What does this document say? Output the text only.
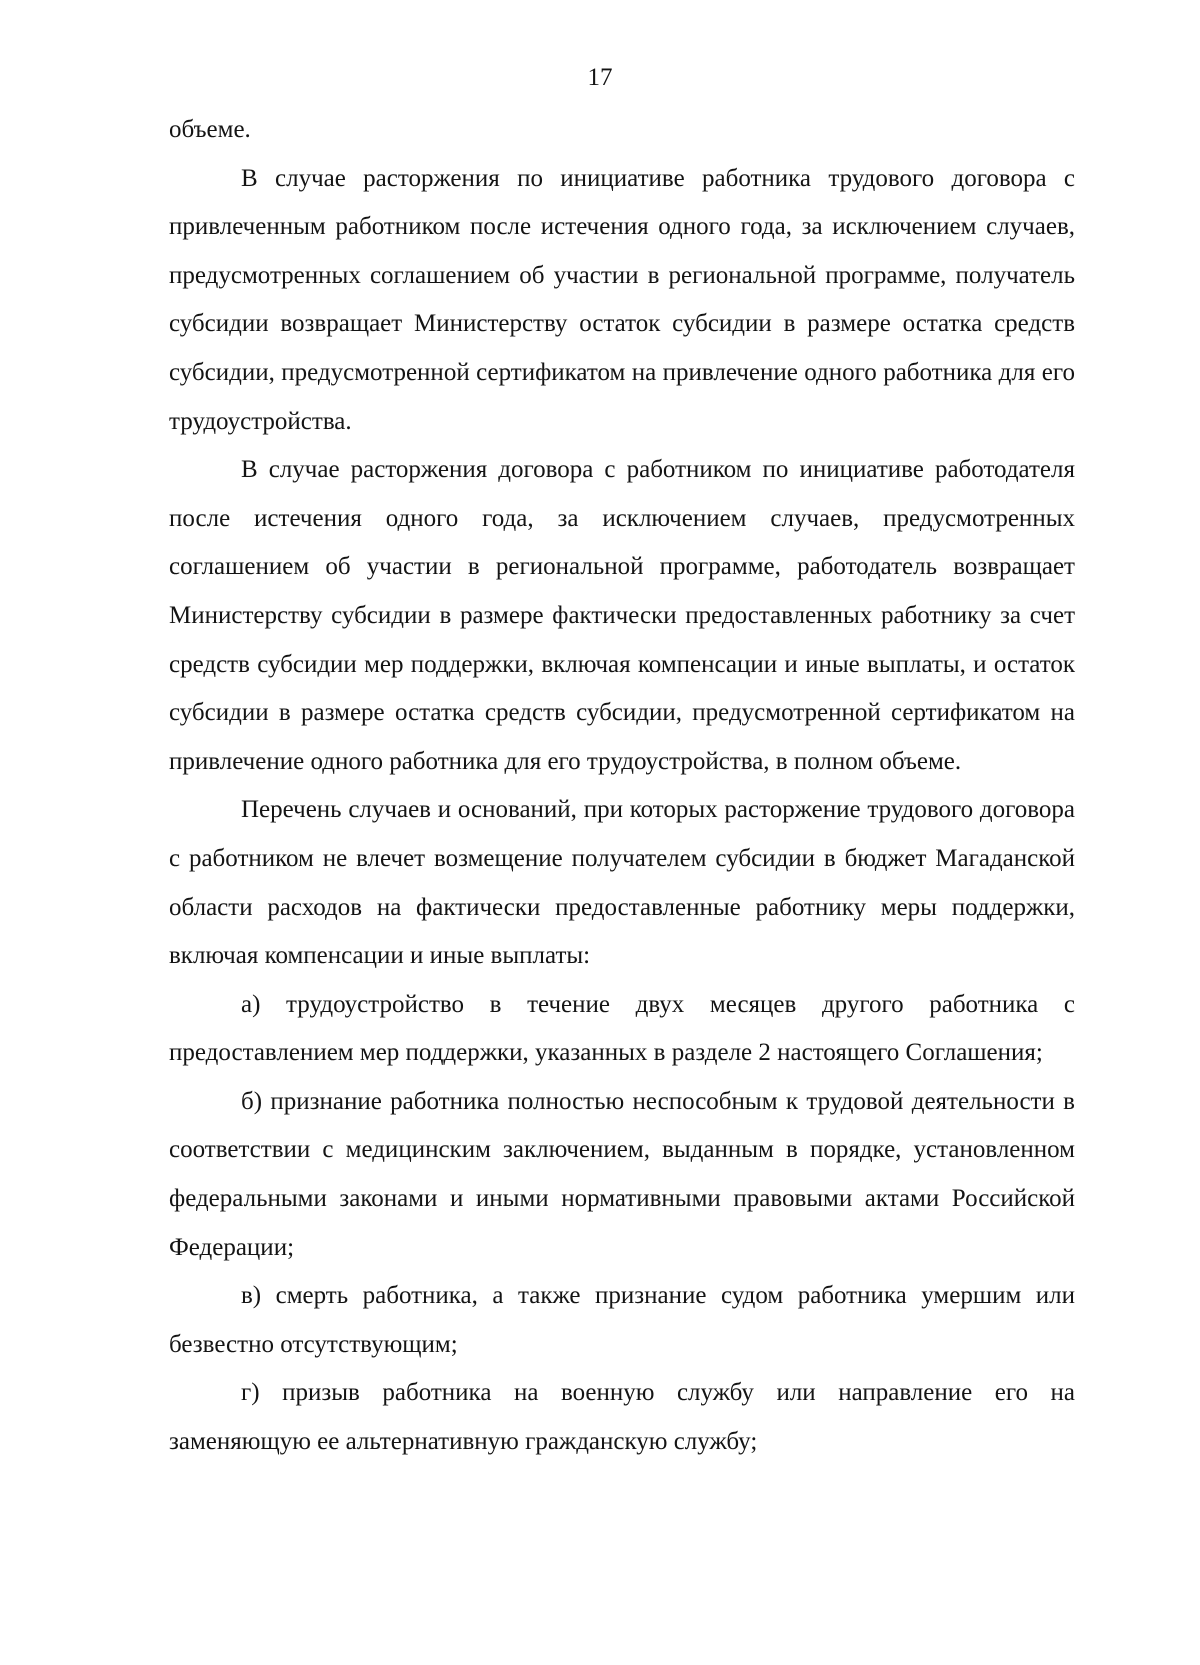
17

объеме.

В случае расторжения по инициативе работника трудового договора с привлеченным работником после истечения одного года, за исключением случаев, предусмотренных соглашением об участии в региональной программе, получатель субсидии возвращает Министерству остаток субсидии в размере остатка средств субсидии, предусмотренной сертификатом на привлечение одного работника для его трудоустройства.

В случае расторжения договора с работником по инициативе работодателя после истечения одного года, за исключением случаев, предусмотренных соглашением об участии в региональной программе, работодатель возвращает Министерству субсидии в размере фактически предоставленных работнику за счет средств субсидии мер поддержки, включая компенсации и иные выплаты, и остаток субсидии в размере остатка средств субсидии, предусмотренной сертификатом на привлечение одного работника для его трудоустройства, в полном объеме.

Перечень случаев и оснований, при которых расторжение трудового договора с работником не влечет возмещение получателем субсидии в бюджет Магаданской области расходов на фактически предоставленные работнику меры поддержки, включая компенсации и иные выплаты:

а) трудоустройство в течение двух месяцев другого работника с предоставлением мер поддержки, указанных в разделе 2 настоящего Соглашения;

б) признание работника полностью неспособным к трудовой деятельности в соответствии с медицинским заключением, выданным в порядке, установленном федеральными законами и иными нормативными правовыми актами Российской Федерации;

в) смерть работника, а также признание судом работника умершим или безвестно отсутствующим;

г) призыв работника на военную службу или направление его на заменяющую ее альтернативную гражданскую службу;
